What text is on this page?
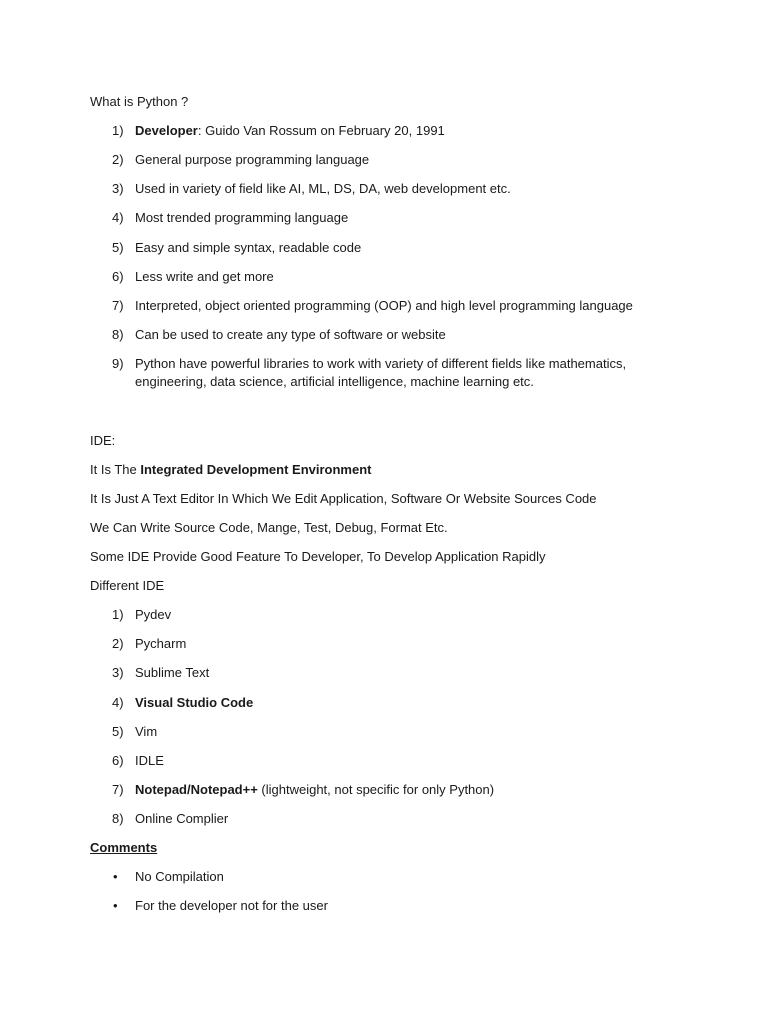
What is Python ?
1) Developer: Guido Van Rossum on February 20, 1991
2) General purpose programming language
3) Used in variety of field like AI, ML, DS, DA, web development etc.
4) Most trended programming language
5) Easy and simple syntax, readable code
6) Less write and get more
7) Interpreted, object oriented programming (OOP) and high level programming language
8) Can be used to create any type of software or website
9) Python have powerful libraries to work with variety of different fields like mathematics, engineering, data science, artificial intelligence, machine learning etc.
IDE:
It Is The Integrated Development Environment
It Is Just A Text Editor In Which We Edit Application, Software Or Website Sources Code
We Can Write Source Code, Mange, Test, Debug, Format Etc.
Some IDE Provide Good Feature To Developer, To Develop Application Rapidly
Different IDE
1) Pydev
2) Pycharm
3) Sublime Text
4) Visual Studio Code
5) Vim
6) IDLE
7) Notepad/Notepad++ (lightweight, not specific for only Python)
8) Online Complier
Comments
• No Compilation
• For the developer not for the user
